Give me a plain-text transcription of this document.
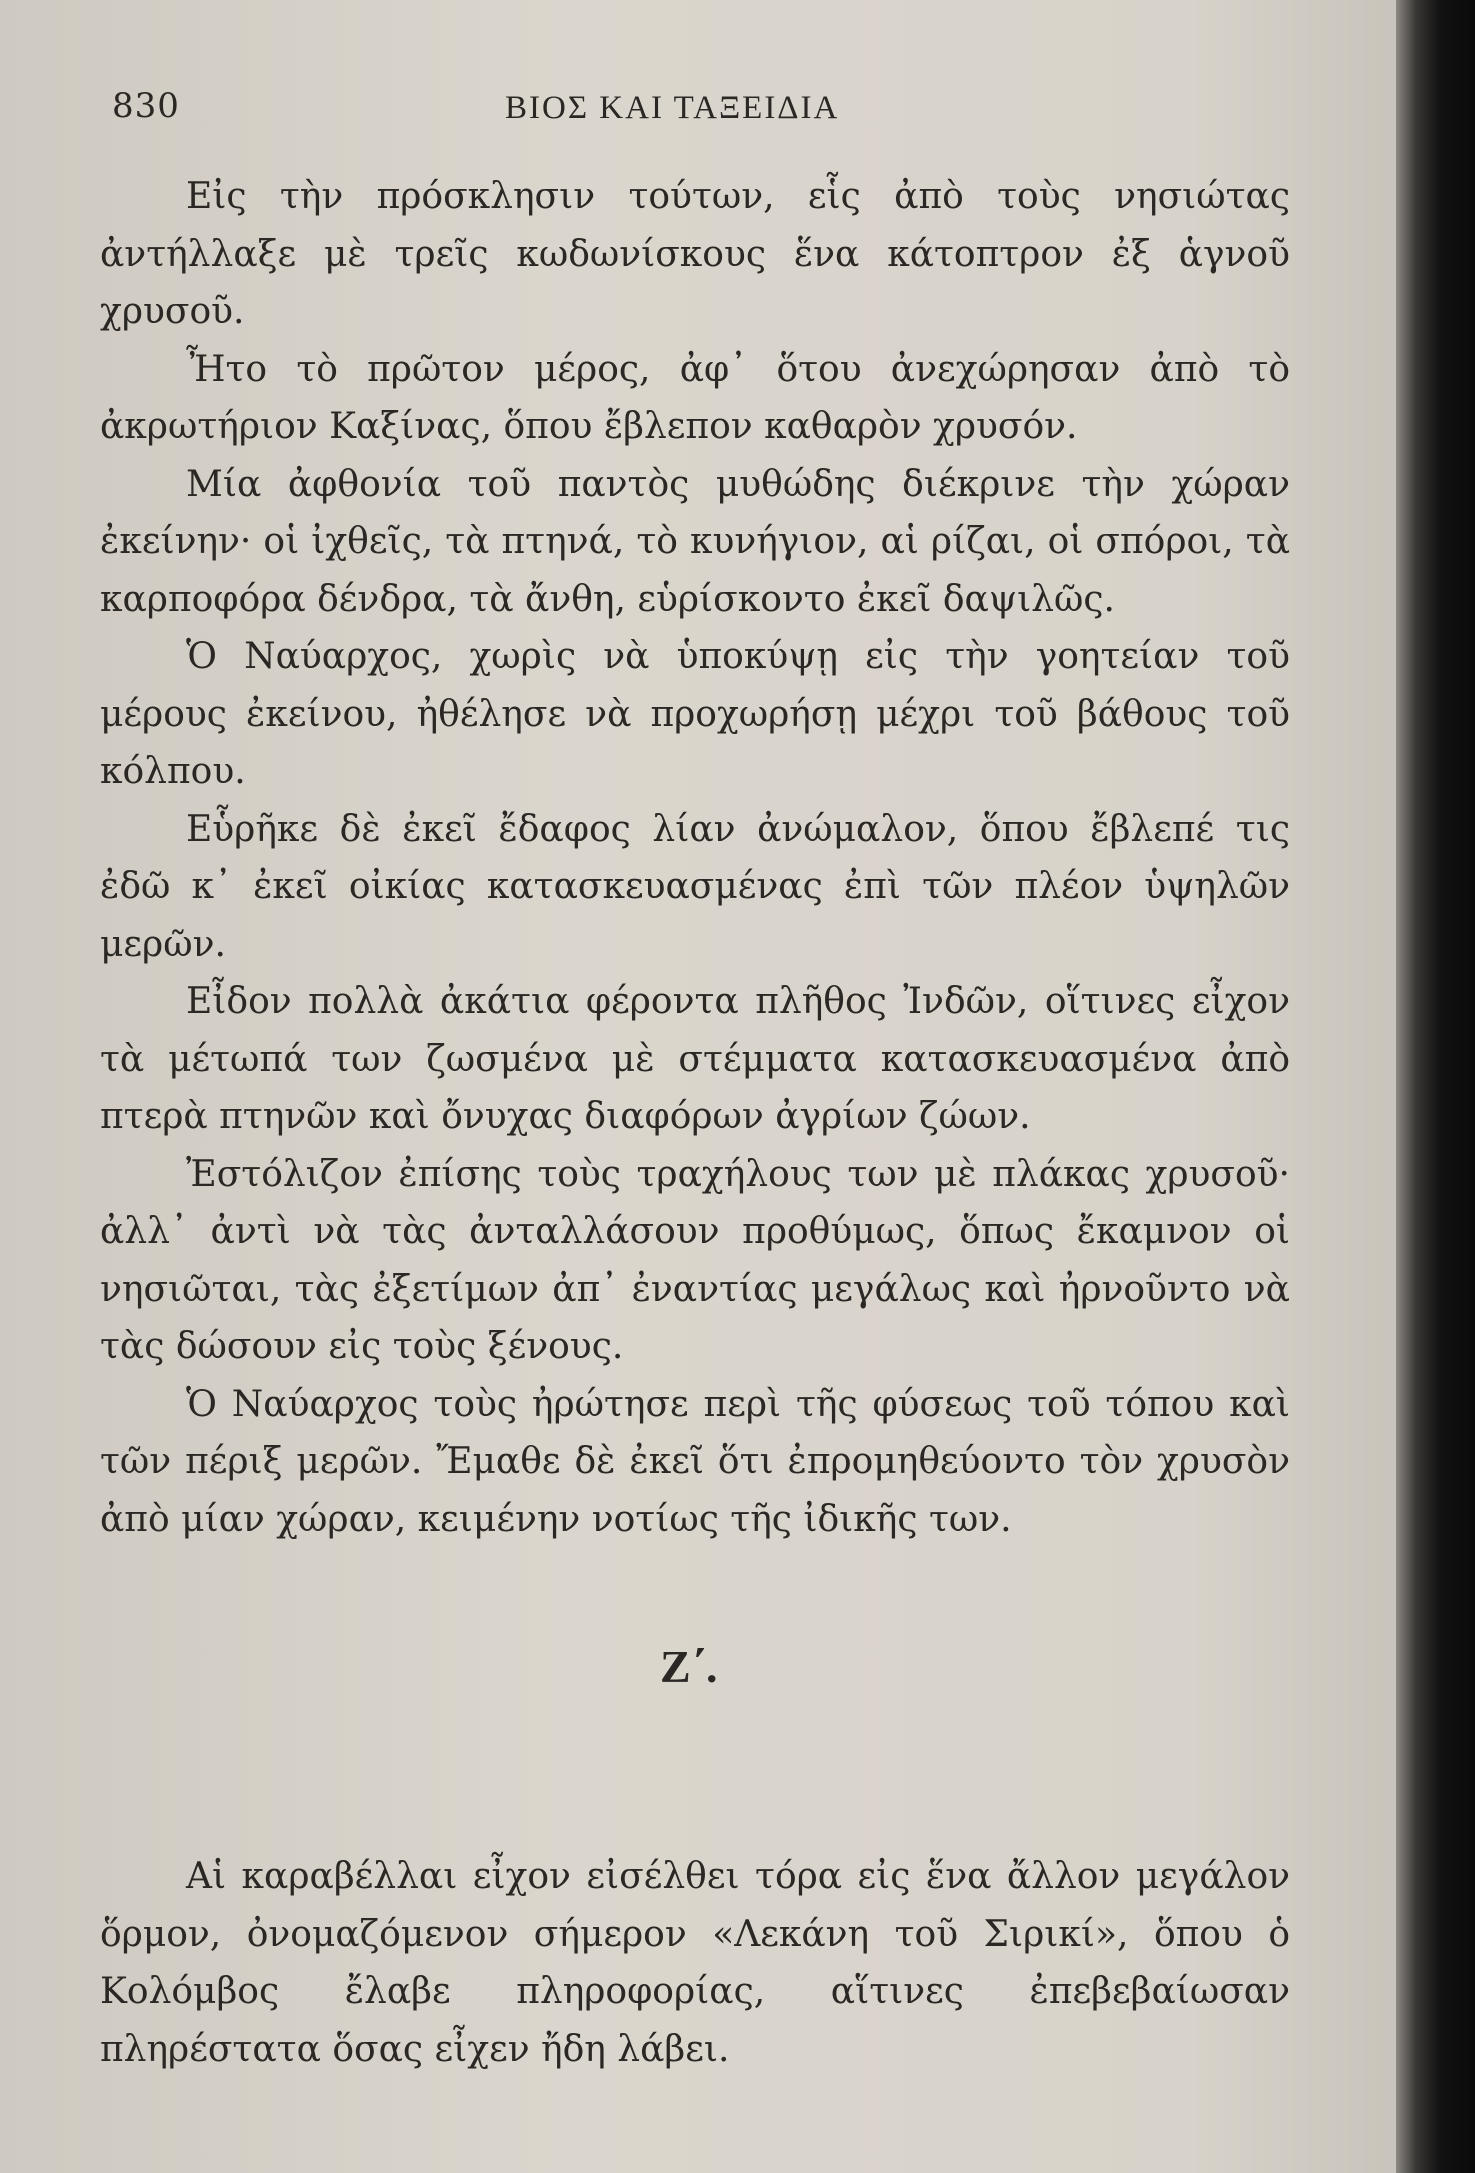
830	ΒΙΟΣ ΚΑΙ ΤΑΞΕΙΔΙΑ

Εἰς τὴν πρόσκλησιν τούτων, εἷς ἀπὸ τοὺς νησιώτας ἀντήλλαξε μὲ τρεῖς κωδωνίσκους ἕνα κάτοπτρον ἐξ ἁγνοῦ χρυσοῦ.

Ἦτο τὸ πρῶτον μέρος, ἀφ᾽ ὅτου ἀνεχώρησαν ἀπὸ τὸ ἀκρωτήριον Καξίνας, ὅπου ἔβλεπον καθαρὸν χρυσόν.

Μία ἀφθονία τοῦ παντὸς μυθώδης διέκρινε τὴν χώραν ἐκείνην· οἱ ἰχθεῖς, τὰ πτηνά, τὸ κυνήγιον, αἱ ρίζαι, οἱ σπόροι, τὰ καρποφόρα δένδρα, τὰ ἄνθη, εὑρίσκοντο ἐκεῖ δαψιλῶς.

Ὁ Ναύαρχος, χωρὶς νὰ ὑποκύψῃ εἰς τὴν γοητείαν τοῦ μέρους ἐκείνου, ἠθέλησε νὰ προχωρήσῃ μέχρι τοῦ βάθους τοῦ κόλπου.

Εὗρῆκε δὲ ἐκεῖ ἔδαφος λίαν ἀνώμαλον, ὅπου ἔβλεπέ τις ἐδῶ κ᾽ ἐκεῖ οἰκίας κατασκευασμένας ἐπὶ τῶν πλέον ὑψηλῶν μερῶν.

Εἶδον πολλὰ ἀκάτια φέροντα πλῆθος Ἰνδῶν, οἵτινες εἶχον τὰ μέτωπά των ζωσμένα μὲ στέμματα κατασκευασμένα ἀπὸ πτερὰ πτηνῶν καὶ ὄνυχας διαφόρων ἀγρίων ζώων.

Ἐστόλιζον ἐπίσης τοὺς τραχήλους των μὲ πλάκας χρυσοῦ· ἀλλ᾽ ἀντὶ νὰ τὰς ἀνταλλάσουν προθύμως, ὅπως ἔκαμνον οἱ νησιῶται, τὰς ἐξετίμων ἀπ᾽ ἐναντίας μεγάλως καὶ ἠρνοῦντο νὰ τὰς δώσουν εἰς τοὺς ξένους.

Ὁ Ναύαρχος τοὺς ἠρώτησε περὶ τῆς φύσεως τοῦ τόπου καὶ τῶν πέριξ μερῶν. Ἔμαθε δὲ ἐκεῖ ὅτι ἐπρομηθεύοντο τὸν χρυσὸν ἀπὸ μίαν χώραν, κειμένην νοτίως τῆς ἰδικῆς των.

Ζ΄.

Αἱ καραβέλλαι εἶχον εἰσέλθει τόρα εἰς ἕνα ἄλλον μεγάλον ὅρμον, ὀνομαζόμενον σήμερον «Λεκάνη τοῦ Σιρικί», ὅπου ὁ Κολόμβος ἔλαβε πληροφορίας, αἵτινες ἐπεβεβαίωσαν πληρέστατα ὅσας εἶχεν ἤδη λάβει.
